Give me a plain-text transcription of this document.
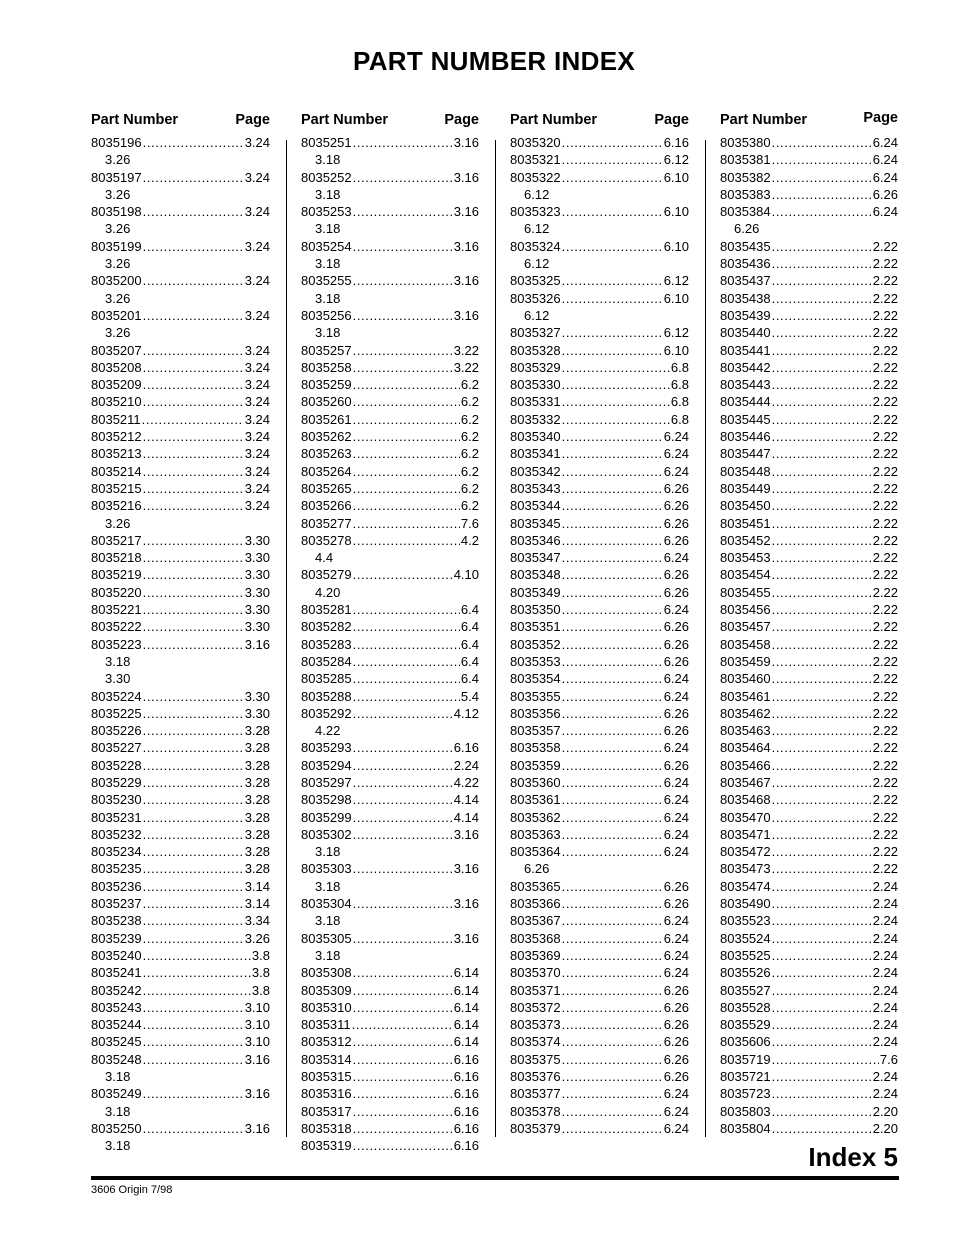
PART NUMBER INDEX
Part Number	Page
8035196 .....	3.24
3.26
8035197 .....	3.24
3.26
8035198 .....	3.24
3.26
8035199 .....	3.24
3.26
8035200 .....	3.24
3.26
8035201 .....	3.24
3.26
8035207 .....	3.24
8035208 .....	3.24
8035209 .....	3.24
8035210 .....	3.24
8035211 .....	3.24
8035212 .....	3.24
8035213 .....	3.24
8035214 .....	3.24
8035215 .....	3.24
8035216 .....	3.24
3.26
8035217 .....	3.30
8035218 .....	3.30
8035219 .....	3.30
8035220 .....	3.30
8035221 .....	3.30
8035222 .....	3.30
8035223 .....	3.16
3.18
3.30
8035224 .....	3.30
8035225 .....	3.30
8035226 .....	3.28
8035227 .....	3.28
8035228 .....	3.28
8035229 .....	3.28
8035230 .....	3.28
8035231 .....	3.28
8035232 .....	3.28
8035234 .....	3.28
8035235 .....	3.28
8035236 .....	3.14
8035237 .....	3.14
8035238 .....	3.34
8035239 .....	3.26
8035240 .....	3.8
8035241 .....	3.8
8035242 .....	3.8
8035243 .....	3.10
8035244 .....	3.10
8035245 .....	3.10
8035248 .....	3.16
3.18
8035249 .....	3.16
3.18
8035250 .....	3.16
3.18
Part Number	Page
8035251 .....	3.16
3.18
8035252 .....	3.16
3.18
8035253 .....	3.16
3.18
8035254 .....	3.16
3.18
8035255 .....	3.16
3.18
8035256 .....	3.16
3.18
8035257 .....	3.22
8035258 .....	3.22
8035259 .....	6.2
8035260 .....	6.2
8035261 .....	6.2
8035262 .....	6.2
8035263 .....	6.2
8035264 .....	6.2
8035265 .....	6.2
8035266 .....	6.2
8035277 .....	7.6
8035278 .....	4.2
4.4
8035279 .....	4.10
4.20
8035281 .....	6.4
8035282 .....	6.4
8035283 .....	6.4
8035284 .....	6.4
8035285 .....	6.4
8035288 .....	5.4
8035292 .....	4.12
4.22
8035293 .....	6.16
8035294 .....	2.24
8035297 .....	4.22
8035298 .....	4.14
8035299 .....	4.14
8035302 .....	3.16
3.18
8035303 .....	3.16
3.18
8035304 .....	3.16
3.18
8035305 .....	3.16
3.18
8035308 .....	6.14
8035309 .....	6.14
8035310 .....	6.14
8035311 .....	6.14
8035312 .....	6.14
8035314 .....	6.16
8035315 .....	6.16
8035316 .....	6.16
8035317 .....	6.16
8035318 .....	6.16
8035319 .....	6.16
Part Number	Page
8035320 .....	6.16
8035321 .....	6.12
8035322 .....	6.10
6.12
8035323 .....	6.10
6.12
8035324 .....	6.10
6.12
8035325 .....	6.12
8035326 .....	6.10
6.12
8035327 .....	6.12
8035328 .....	6.10
8035329 .....	6.8
8035330 .....	6.8
8035331 .....	6.8
8035332 .....	6.8
8035340 .....	6.24
8035341 .....	6.24
8035342 .....	6.24
8035343 .....	6.26
8035344 .....	6.26
8035345 .....	6.26
8035346 .....	6.26
8035347 .....	6.24
8035348 .....	6.26
8035349 .....	6.26
8035350 .....	6.24
8035351 .....	6.26
8035352 .....	6.26
8035353 .....	6.26
8035354 .....	6.24
8035355 .....	6.24
8035356 .....	6.26
8035357 .....	6.26
8035358 .....	6.24
8035359 .....	6.26
8035360 .....	6.24
8035361 .....	6.24
8035362 .....	6.24
8035363 .....	6.24
8035364 .....	6.24
6.26
8035365 .....	6.26
8035366 .....	6.26
8035367 .....	6.24
8035368 .....	6.24
8035369 .....	6.24
8035370 .....	6.24
8035371 .....	6.26
8035372 .....	6.26
8035373 .....	6.26
8035374 .....	6.26
8035375 .....	6.26
8035376 .....	6.26
8035377 .....	6.24
8035378 .....	6.24
8035379 .....	6.24
Part Number	Page
8035380 .....	6.24
8035381 .....	6.24
8035382 .....	6.24
8035383 .....	6.26
8035384 .....	6.24
6.26
8035435 .....	2.22
8035436 .....	2.22
8035437 .....	2.22
8035438 .....	2.22
8035439 .....	2.22
8035440 .....	2.22
8035441 .....	2.22
8035442 .....	2.22
8035443 .....	2.22
8035444 .....	2.22
8035445 .....	2.22
8035446 .....	2.22
8035447 .....	2.22
8035448 .....	2.22
8035449 .....	2.22
8035450 .....	2.22
8035451 .....	2.22
8035452 .....	2.22
8035453 .....	2.22
8035454 .....	2.22
8035455 .....	2.22
8035456 .....	2.22
8035457 .....	2.22
8035458 .....	2.22
8035459 .....	2.22
8035460 .....	2.22
8035461 .....	2.22
8035462 .....	2.22
8035463 .....	2.22
8035464 .....	2.22
8035466 .....	2.22
8035467 .....	2.22
8035468 .....	2.22
8035470 .....	2.22
8035471 .....	2.22
8035472 .....	2.22
8035473 .....	2.22
8035474 .....	2.24
8035490 .....	2.24
8035523 .....	2.24
8035524 .....	2.24
8035525 .....	2.24
8035526 .....	2.24
8035527 .....	2.24
8035528 .....	2.24
8035529 .....	2.24
8035606 .....	2.24
8035719 .....	7.6
8035721 .....	2.24
8035723 .....	2.24
8035803 .....	2.20
8035804 .....	2.20
Index 5
3606 Origin 7/98
